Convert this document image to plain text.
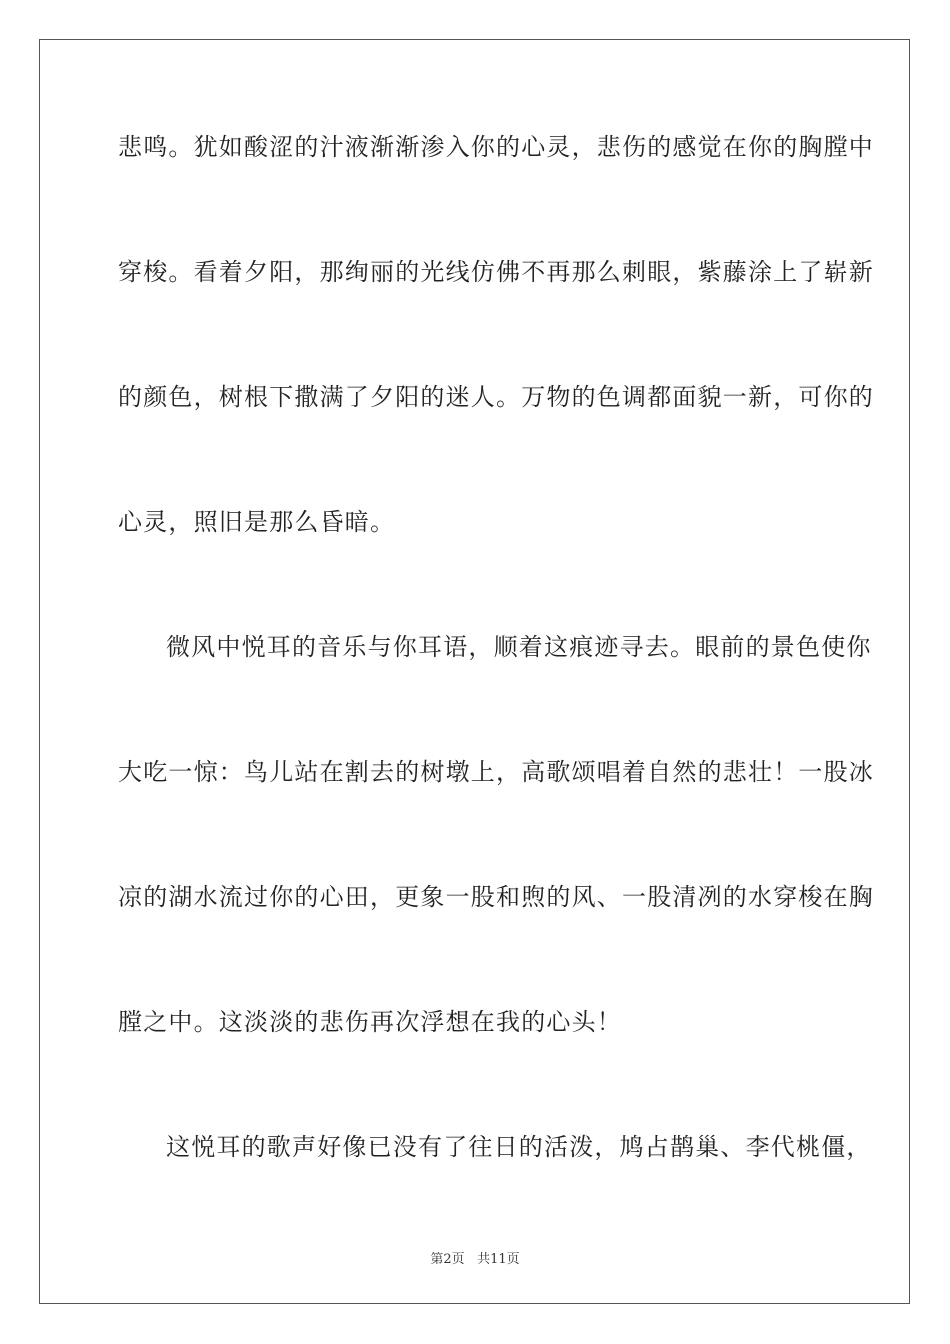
悲鸣。犹如酸涩的汁液渐渐渗入你的心灵，悲伤的感觉在你的胸膛中
穿梭。看着夕阳，那绚丽的光线仿佛不再那么刺眼，紫藤涂上了崭新
的颜色，树根下撒满了夕阳的迷人。万物的色调都面貌一新，可你的
心灵，照旧是那么昏暗。
微风中悦耳的音乐与你耳语，顺着这痕迹寻去。眼前的景色使你
大吃一惊：鸟儿站在割去的树墩上，高歌颂唱着自然的悲壮！一股冰
凉的湖水流过你的心田，更象一股和煦的风、一股清冽的水穿梭在胸
膛之中。这淡淡的悲伤再次浮想在我的心头！
这悦耳的歌声好像已没有了往日的活泼，鸠占鹊巢、李代桃僵，
第2页 共11页
